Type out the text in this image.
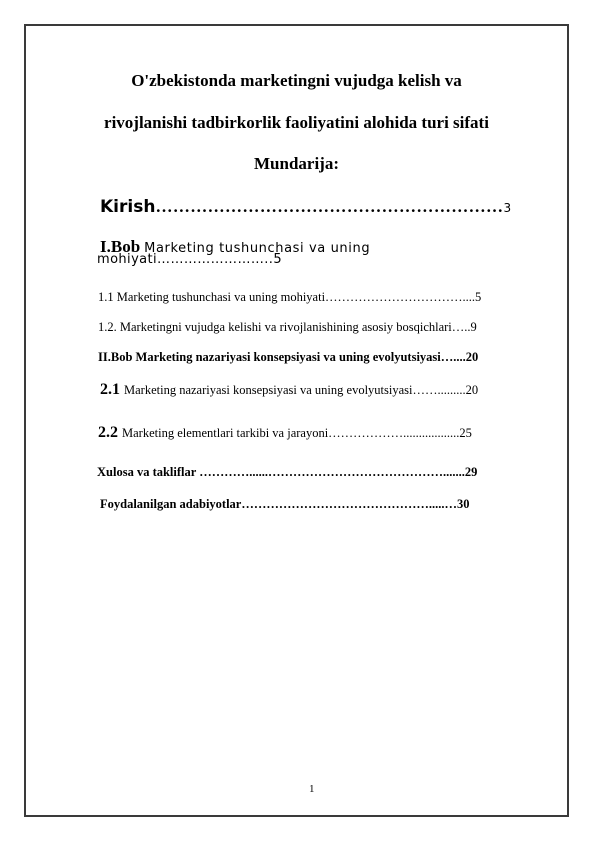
O'zbekistonda marketingni vujudga kelish va
rivojlanishi tadbirkorlik faoliyatini alohida turi sifati
Mundarija:
Kirish……………………………………………………3
I.Bob Marketing tushunchasi va uning
mohiyati……………………..5
1.1 Marketing tushunchasi va uning mohiyati……………………………....5
1.2. Marketingni vujudga kelishi va rivojlanishining asosiy bosqichlari…..9
II.Bob Marketing nazariyasi konsepsiyasi va uning evolyutsiyasi…....20
2.1 Marketing nazariyasi konsepsiyasi va uning evolyutsiyasi…….........20
2.2 Marketing elementlari tarkibi va jarayoni………………..................25
Xulosa va takliflar …………......…………………………………….......29
Foydalanilgan adabiyotlar……………………………………….....…30
1
